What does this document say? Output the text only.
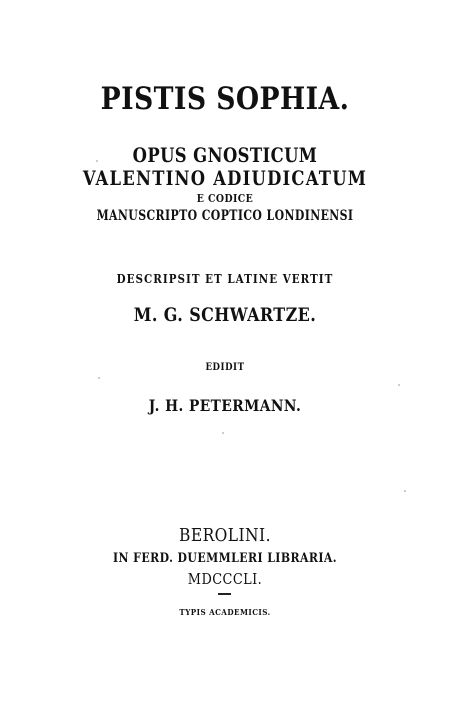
PISTIS SOPHIA.
OPUS GNOSTICUM
VALENTINO ADIUDICATUM
E CODICE
MANUSCRIPTO COPTICO LONDINENSI
DESCRIPSIT ET LATINE VERTIT
M. G. SCHWARTZE.
EDIDIT
J. H. PETERMANN.
BEROLINI.
IN FERD. DUEMMLERI LIBRARIA.
MDCCCLI.
TYPIS ACADEMICIS.
